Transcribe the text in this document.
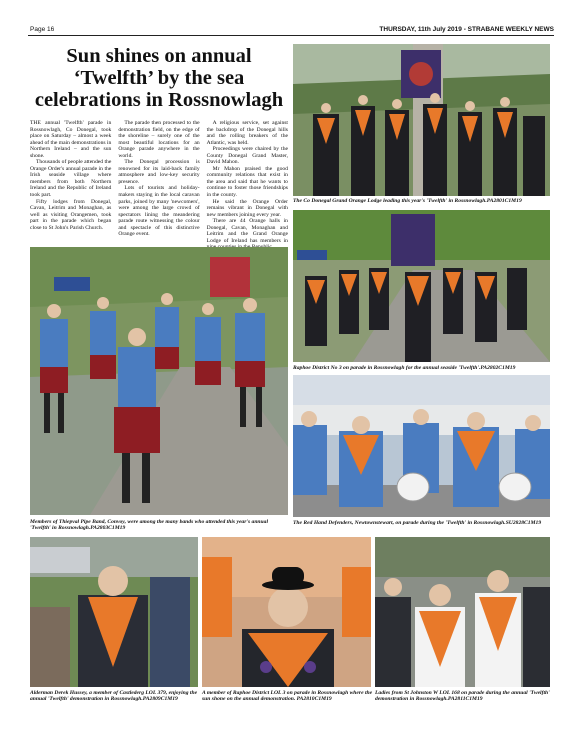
Page 16	THURSDAY, 11th July 2019 - STRABANE WEEKLY NEWS
Sun shines on annual
‘Twelfth’ by the sea
celebrations in Rossnowlagh

THE annual 'Twelfth' parade in Rossnowlagh, Co Donegal, took place on Saturday – almost a week ahead of the main demonstrations in Northern Ireland – and the sun shone.

Thousands of people attended the Orange Order's annual parade in the Irish seaside village where members from both Northern Ireland and the Republic of Ireland took part.

Fifty lodges from Donegal, Cavan, Leitrim and Monaghan, as well as visiting Orangemen, took part in the parade which began close to St John's Parish Church.

The parade then processed to the demonstration field, on the edge of the shoreline – surely one of the most beautiful locations for an Orange parade anywhere in the world.

The Donegal procession is renowned for its laid-back family atmosphere and low-key security presence.

Lots of tourists and holiday-makers staying in the local caravan parks, joined by many 'newcomers', were among the large crowd of spectators lining the meandering parade route witnessing the colour and spectacle of this distinctive Orange event.

A religious service, set against the backdrop of the Donegal hills and the rolling breakers of the Atlantic, was held.

Proceedings were chaired by the County Donegal Grand Master, David Mahon.

Mr Mahon praised the good community relations that exist in the area and said that he wants to continue to foster those friendships in the county.

He said the Orange Order remains vibrant in Donegal with new members joining every year.

There are 44 Orange halls in Donegal, Cavan, Monaghan and Leitrim and the Grand Orange Lodge of Ireland has members in

The Co Donegal Grand Orange Lodge leading this year's 'Twelfth' in Rossnowlagh.PA2801C1M19
Members of Thiepval Pipe Band, Convoy, were among the many bands who attended this year's annual 'Twelfth' in Rossnowlagh.PA2803C1M19
Raphoe District No 3 on parade in Rossnowlagh for the annual seaside 'Twelfth'.PA2802C1M19
The Red Hand Defenders, Newtownstewart, on parade during the 'Twelfth' in Rossnowlagh.SU2828C1M19
Alderman Derek Hussey, a member of Castlederg LOL 379, enjoying the annual 'Twelfth' demonstration in Rossnowlagh.PA2809C1M19
A member of Raphoe District LOL 3 on parade in Rossnowlagh where the sun shone on the annual demonstration. PA2810C1M19
Ladies from St Johnston W LOL 168 on parade during the annual 'Twelfth' demonstration in Rossnowlagh.PA2811C1M19
